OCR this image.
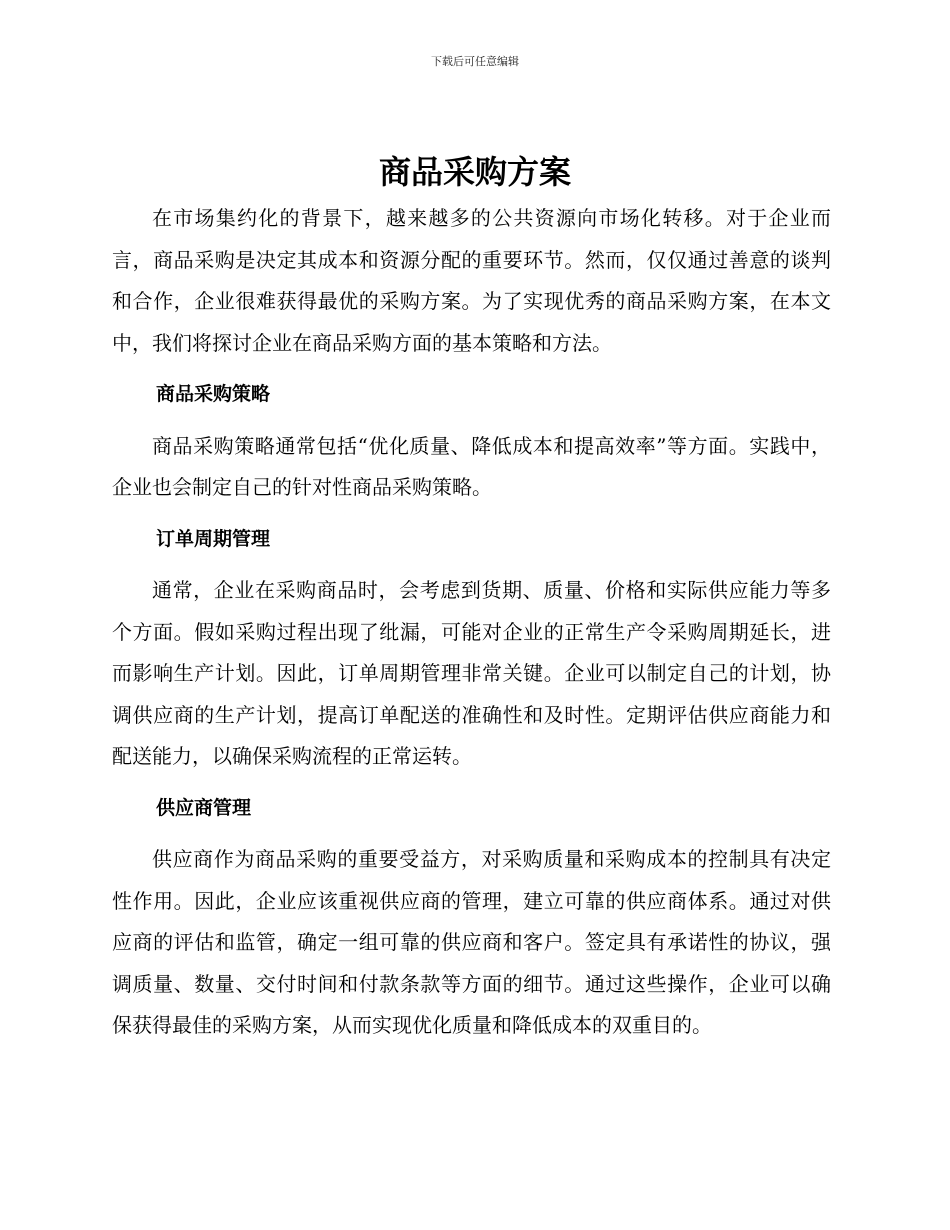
下载后可任意编辑
商品采购方案

在市场集约化的背景下，越来越多的公共资源向市场化转移。对于企业而言，商品采购是决定其成本和资源分配的重要环节。然而，仅仅通过善意的谈判和合作，企业很难获得最优的采购方案。为了实现优秀的商品采购方案，在本文中，我们将探讨企业在商品采购方面的基本策略和方法。

商品采购策略

商品采购策略通常包括“优化质量、降低成本和提高效率”等方面。实践中，企业也会制定自己的针对性商品采购策略。

订单周期管理

通常，企业在采购商品时，会考虑到货期、质量、价格和实际供应能力等多个方面。假如采购过程出现了纰漏，可能对企业的正常生产令采购周期延长，进而影响生产计划。因此，订单周期管理非常关键。企业可以制定自己的计划，协调供应商的生产计划，提高订单配送的准确性和及时性。定期评估供应商能力和配送能力，以确保采购流程的正常运转。

供应商管理

供应商作为商品采购的重要受益方，对采购质量和采购成本的控制具有决定性作用。因此，企业应该重视供应商的管理，建立可靠的供应商体系。通过对供应商的评估和监管，确定一组可靠的供应商和客户。签定具有承诺性的协议，强调质量、数量、交付时间和付款条款等方面的细节。通过这些操作，企业可以确保获得最佳的采购方案，从而实现优化质量和降低成本的双重目的。
